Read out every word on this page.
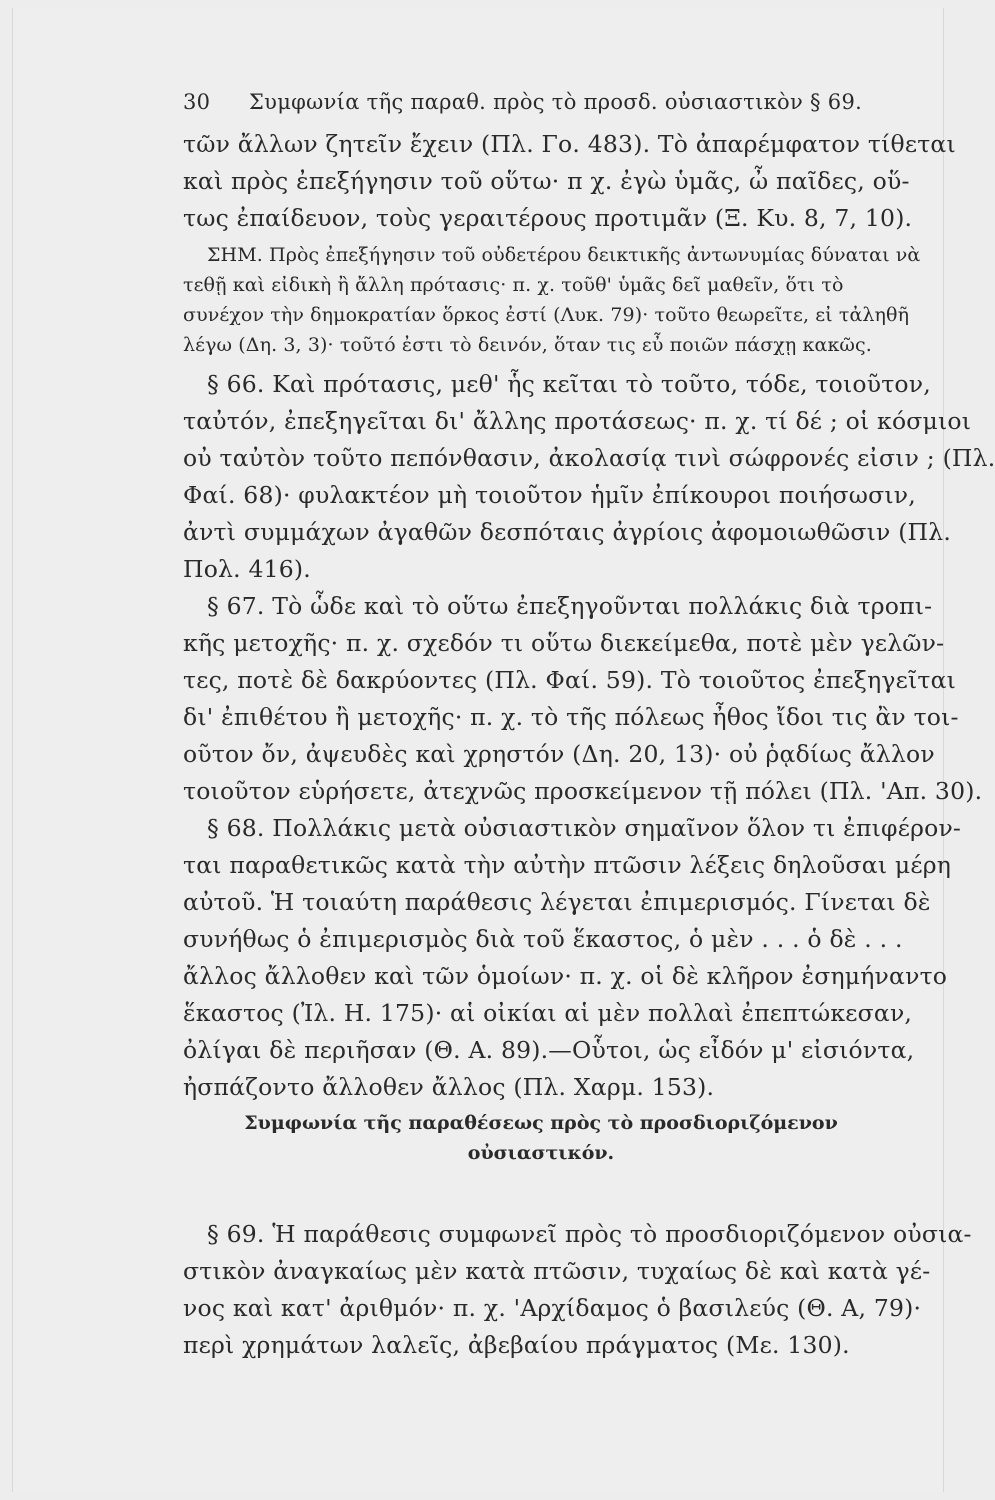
30 Συμφωνία τῆς παραθ. πρὸς τὸ προσδ. οὐσιαστικὸν § 69.
τῶν ἄλλων ζητεῖν ἔχειν (Πλ. Γο. 483). Τὸ ἀπαρέμφατον τίθεται
καὶ πρὸς ἐπεξήγησιν τοῦ οὕτω· π χ. ἐγὼ ὑμᾶς, ὦ παῖδες, οὕ-
τως ἐπαίδευον, τοὺς γεραιτέρους προτιμᾶν (Ξ. Κυ. 8, 7, 10).
ΣΗΜ. Πρὸς ἐπεξήγησιν τοῦ οὐδετέρου δεικτικῆς ἀντωνυμίας δύναται νὰ
τεθῇ καὶ εἰδικὴ ἢ ἄλλη πρότασις· π. χ. τοῦθ' ὑμᾶς δεῖ μαθεῖν, ὅτι τὸ
συνέχον τὴν δημοκρατίαν ὅρκος ἐστί (Λυκ. 79)· τοῦτο θεωρεῖτε, εἰ τἀληθῆ
λέγω (Δη. 3, 3)· τοῦτό ἐστι τὸ δεινόν, ὅταν τις εὖ ποιῶν πάσχῃ κακῶς.
§ 66. Καὶ πρότασις, μεθ' ἧς κεῖται τὸ τοῦτο, τόδε, τοιοῦτον,
ταὐτόν, ἐπεξηγεῖται δι' ἄλλης προτάσεως· π. χ. τί δέ ; οἱ κόσμιοι
οὐ ταὐτὸν τοῦτο πεπόνθασιν, ἀκολασίᾳ τινὶ σώφρονές εἰσιν ; (Πλ.
Φαί. 68)· φυλακτέον μὴ τοιοῦτον ἡμῖν ἐπίκουροι ποιήσωσιν,
ἀντὶ συμμάχων ἀγαθῶν δεσπόταις ἀγρίοις ἀφομοιωθῶσιν (Πλ.
Πολ. 416).
§ 67. Τὸ ὧδε καὶ τὸ οὕτω ἐπεξηγοῦνται πολλάκις διὰ τροπι-
κῆς μετοχῆς· π. χ. σχεδόν τι οὕτω διεκείμεθα, ποτὲ μὲν γελῶν-
τες, ποτὲ δὲ δακρύοντες (Πλ. Φαί. 59). Τὸ τοιοῦτος ἐπεξηγεῖται
δι' ἐπιθέτου ἢ μετοχῆς· π. χ. τὸ τῆς πόλεως ἦθος ἴδοι τις ἂν τοι-
οῦτον ὄν, ἀψευδὲς καὶ χρηστόν (Δη. 20, 13)· οὐ ῥᾳδίως ἄλλον
τοιοῦτον εὑρήσετε, ἀτεχνῶς προσκείμενον τῇ πόλει (Πλ. 'Απ. 30).
§ 68. Πολλάκις μετὰ οὐσιαστικὸν σημαῖνον ὅλον τι ἐπιφέρον-
ται παραθετικῶς κατὰ τὴν αὐτὴν πτῶσιν λέξεις δηλοῦσαι μέρη
αὐτοῦ. Ἡ τοιαύτη παράθεσις λέγεται ἐπιμερισμός. Γίνεται δὲ
συνήθως ὁ ἐπιμερισμὸς διὰ τοῦ ἕκαστος, ὁ μὲν . . . ὁ δὲ . . .
ἄλλος ἄλλοθεν καὶ τῶν ὁμοίων· π. χ. οἱ δὲ κλῆρον ἐσημήναντο
ἕκαστος (Ἰλ. Η. 175)· αἱ οἰκίαι αἱ μὲν πολλαὶ ἐπεπτώκεσαν,
ὀλίγαι δὲ περιῆσαν (Θ. Α. 89).—Οὗτοι, ὡς εἶδόν μ' εἰσιόντα,
ἠσπάζοντο ἄλλοθεν ἄλλος (Πλ. Χαρμ. 153).
Συμφωνία τῆς παραθέσεως πρὸς τὸ προσδιοριζόμενον
οὐσιαστικόν.
§ 69. Ἡ παράθεσις συμφωνεῖ πρὸς τὸ προσδιοριζόμενον οὐσια-
στικὸν ἀναγκαίως μὲν κατὰ πτῶσιν, τυχαίως δὲ καὶ κατὰ γέ-
νος καὶ κατ' ἀριθμόν· π. χ. 'Αρχίδαμος ὁ βασιλεύς (Θ. Α, 79)·
περὶ χρημάτων λαλεῖς, ἀβεβαίου πράγματος (Με. 130).
